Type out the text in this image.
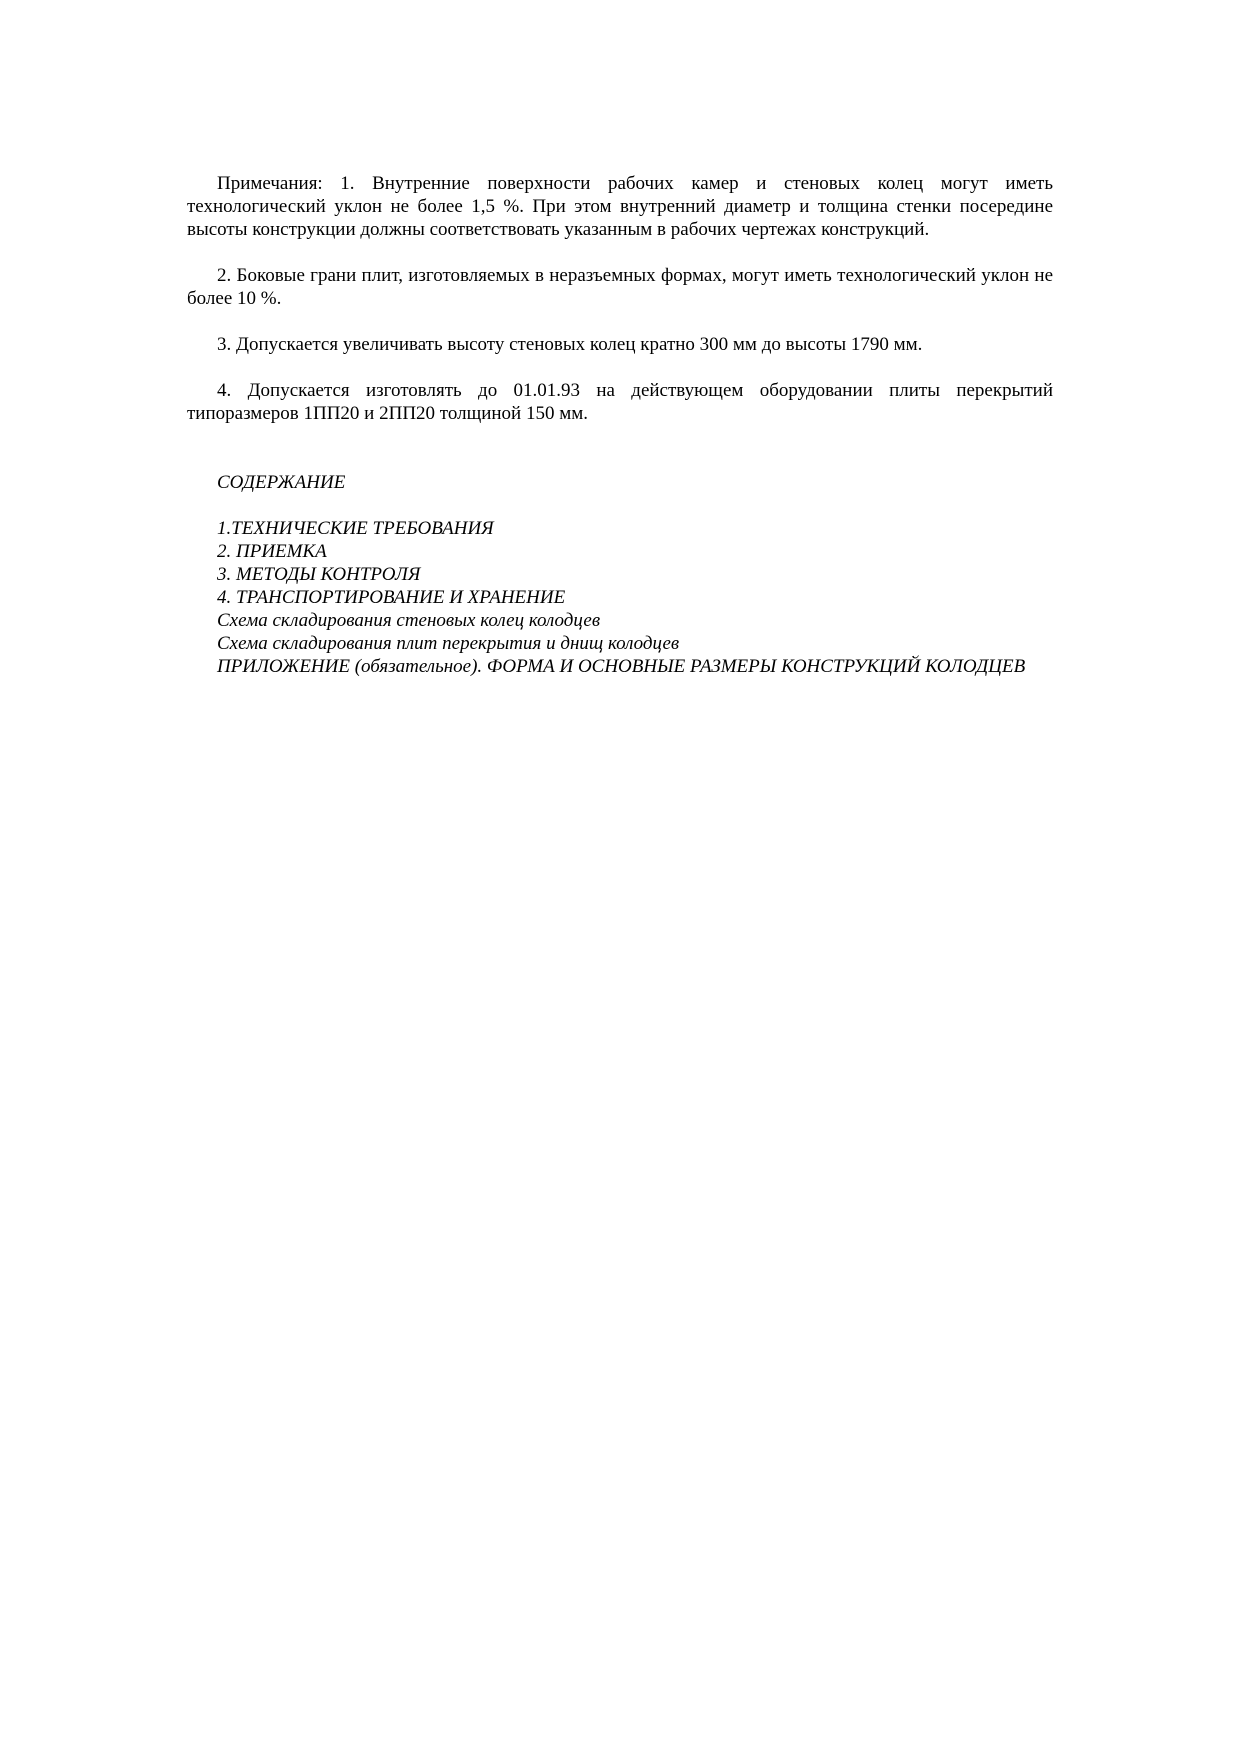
Примечания: 1. Внутренние поверхности рабочих камер и стеновых колец могут иметь технологический уклон не более 1,5 %. При этом внутренний диаметр и толщина стенки посередине высоты конструкции должны соответствовать указанным в рабочих чертежах конструкций.

2. Боковые грани плит, изготовляемых в неразъемных формах, могут иметь технологический уклон не более 10 %.

3. Допускается увеличивать высоту стеновых колец кратно 300 мм до высоты 1790 мм.

4. Допускается изготовлять до 01.01.93 на действующем оборудовании плиты перекрытий типоразмеров 1ПП20 и 2ПП20 толщиной 150 мм.

СОДЕРЖАНИЕ

1.ТЕХНИЧЕСКИЕ ТРЕБОВАНИЯ

2. ПРИЕМКА

3. МЕТОДЫ КОНТРОЛЯ

4. ТРАНСПОРТИРОВАНИЕ И ХРАНЕНИЕ

Схема складирования стеновых колец колодцев

Схема складирования плит перекрытия и днищ колодцев

ПРИЛОЖЕНИЕ (обязательное). ФОРМА И ОСНОВНЫЕ РАЗМЕРЫ КОНСТРУКЦИЙ КОЛОДЦЕВ
